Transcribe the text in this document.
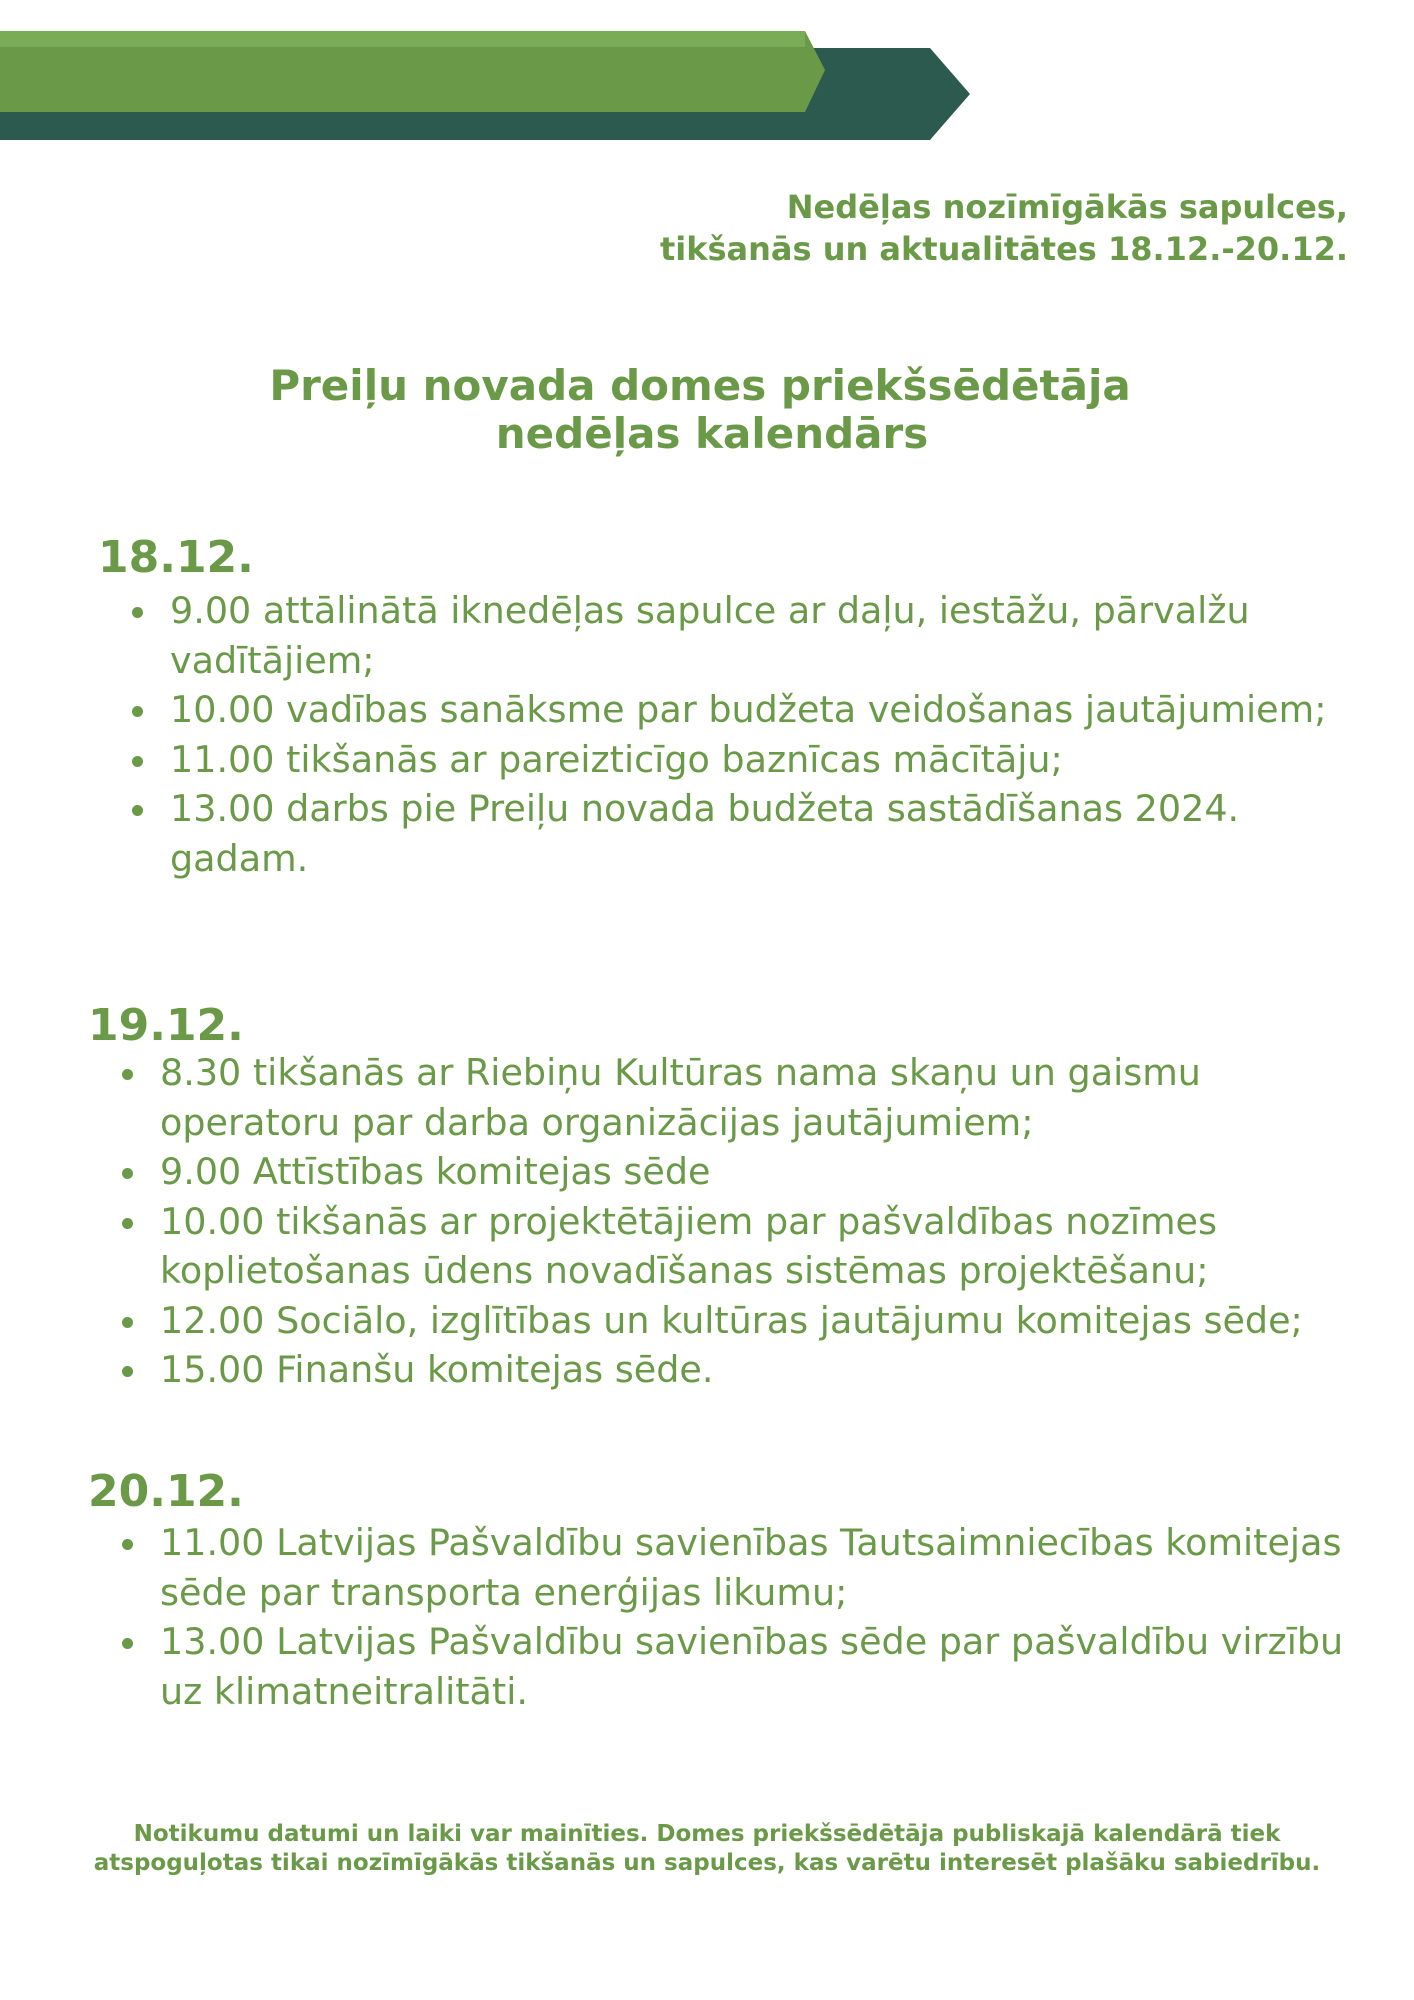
Nedēļas nozīmīgākās sapulces,
tikšanās un aktualitātes 18.12.-20.12.
Preiļu novada domes priekšsēdētāja
nedēļas kalendārs
18.12.
9.00 attālinātā iknedēļas sapulce ar daļu, iestāžu, pārvalžu vadītājiem;
10.00 vadības sanāksme par budžeta veidošanas jautājumiem;
11.00 tikšanās ar pareizticīgo baznīcas mācītāju;
13.00 darbs pie Preiļu novada budžeta sastādīšanas 2024. gadam.
19.12.
8.30 tikšanās ar Riebiņu Kultūras nama skaņu un gaismu operatoru par darba organizācijas jautājumiem;
9.00 Attīstības komitejas sēde
10.00 tikšanās ar projektētājiem par pašvaldības nozīmes koplietošanas ūdens novadīšanas sistēmas projektēšanu;
12.00 Sociālo, izglītības un kultūras jautājumu komitejas sēde;
15.00 Finanšu komitejas sēde.
20.12.
11.00 Latvijas Pašvaldību savienības Tautsaimniecības komitejas sēde par transporta enerģijas likumu;
13.00 Latvijas Pašvaldību savienības sēde par pašvaldību virzību uz klimatneitralitāti.
Notikumu datumi un laiki var mainīties. Domes priekšsēdētāja publiskajā kalendārā tiek
atspoguļotas tikai nozīmīgākās tikšanās un sapulces, kas varētu interesēt plašāku sabiedrību.
